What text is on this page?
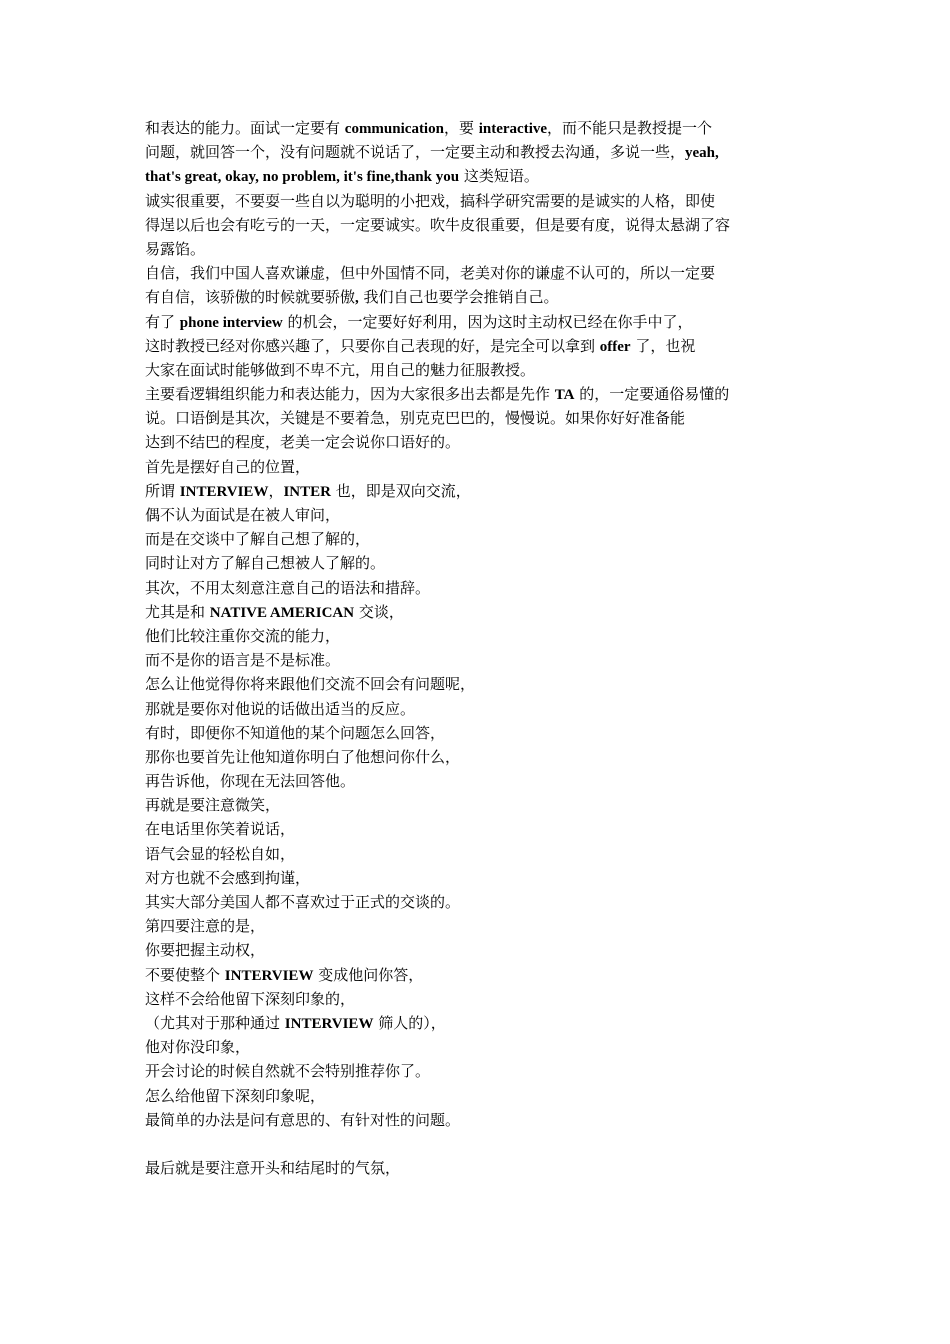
和表达的能力。面试一定要有 communication，要 interactive，而不能只是教授提一个
问题，就回答一个，没有问题就不说话了，一定要主动和教授去沟通，多说一些，yeah,
that's great, okay, no problem, it's fine,thank you 这类短语。
诚实很重要，不要耍一些自以为聪明的小把戏，搞科学研究需要的是诚实的人格，即使
得逞以后也会有吃亏的一天，一定要诚实。吹牛皮很重要，但是要有度，说得太悬湖了容
易露馅。
自信，我们中国人喜欢谦虚，但中外国情不同，老美对你的谦虚不认可的，所以一定要
有自信，该骄傲的时候就要骄傲, 我们自己也要学会推销自己。
有了 phone interview 的机会，一定要好好利用，因为这时主动权已经在你手中了，
这时教授已经对你感兴趣了，只要你自己表现的好，是完全可以拿到 offer 了，也祝
大家在面试时能够做到不卑不亢，用自己的魅力征服教授。
主要看逻辑组织能力和表达能力，因为大家很多出去都是先作 TA 的，一定要通俗易懂的
说。口语倒是其次，关键是不要着急，别克克巴巴的，慢慢说。如果你好好准备能
达到不结巴的程度，老美一定会说你口语好的。
首先是摆好自己的位置，
所谓 INTERVIEW，INTER 也，即是双向交流，
偶不认为面试是在被人审问，
而是在交谈中了解自己想了解的，
同时让对方了解自己想被人了解的。
其次，不用太刻意注意自己的语法和措辞。
尤其是和 NATIVE AMERICAN 交谈，
他们比较注重你交流的能力，
而不是你的语言是不是标准。
怎么让他觉得你将来跟他们交流不回会有问题呢，
那就是要你对他说的话做出适当的反应。
有时，即便你不知道他的某个问题怎么回答，
那你也要首先让他知道你明白了他想问你什么，
再告诉他，你现在无法回答他。
再就是要注意微笑，
在电话里你笑着说话，
语气会显的轻松自如，
对方也就不会感到拘谨，
其实大部分美国人都不喜欢过于正式的交谈的。
第四要注意的是，
你要把握主动权，
不要使整个 INTERVIEW 变成他问你答，
这样不会给他留下深刻印象的，
（尤其对于那种通过 INTERVIEW 筛人的），
他对你没印象，
开会讨论的时候自然就不会特别推荐你了。
怎么给他留下深刻印象呢，
最简单的办法是问有意思的、有针对性的问题。
最后就是要注意开头和结尾时的气氛，
